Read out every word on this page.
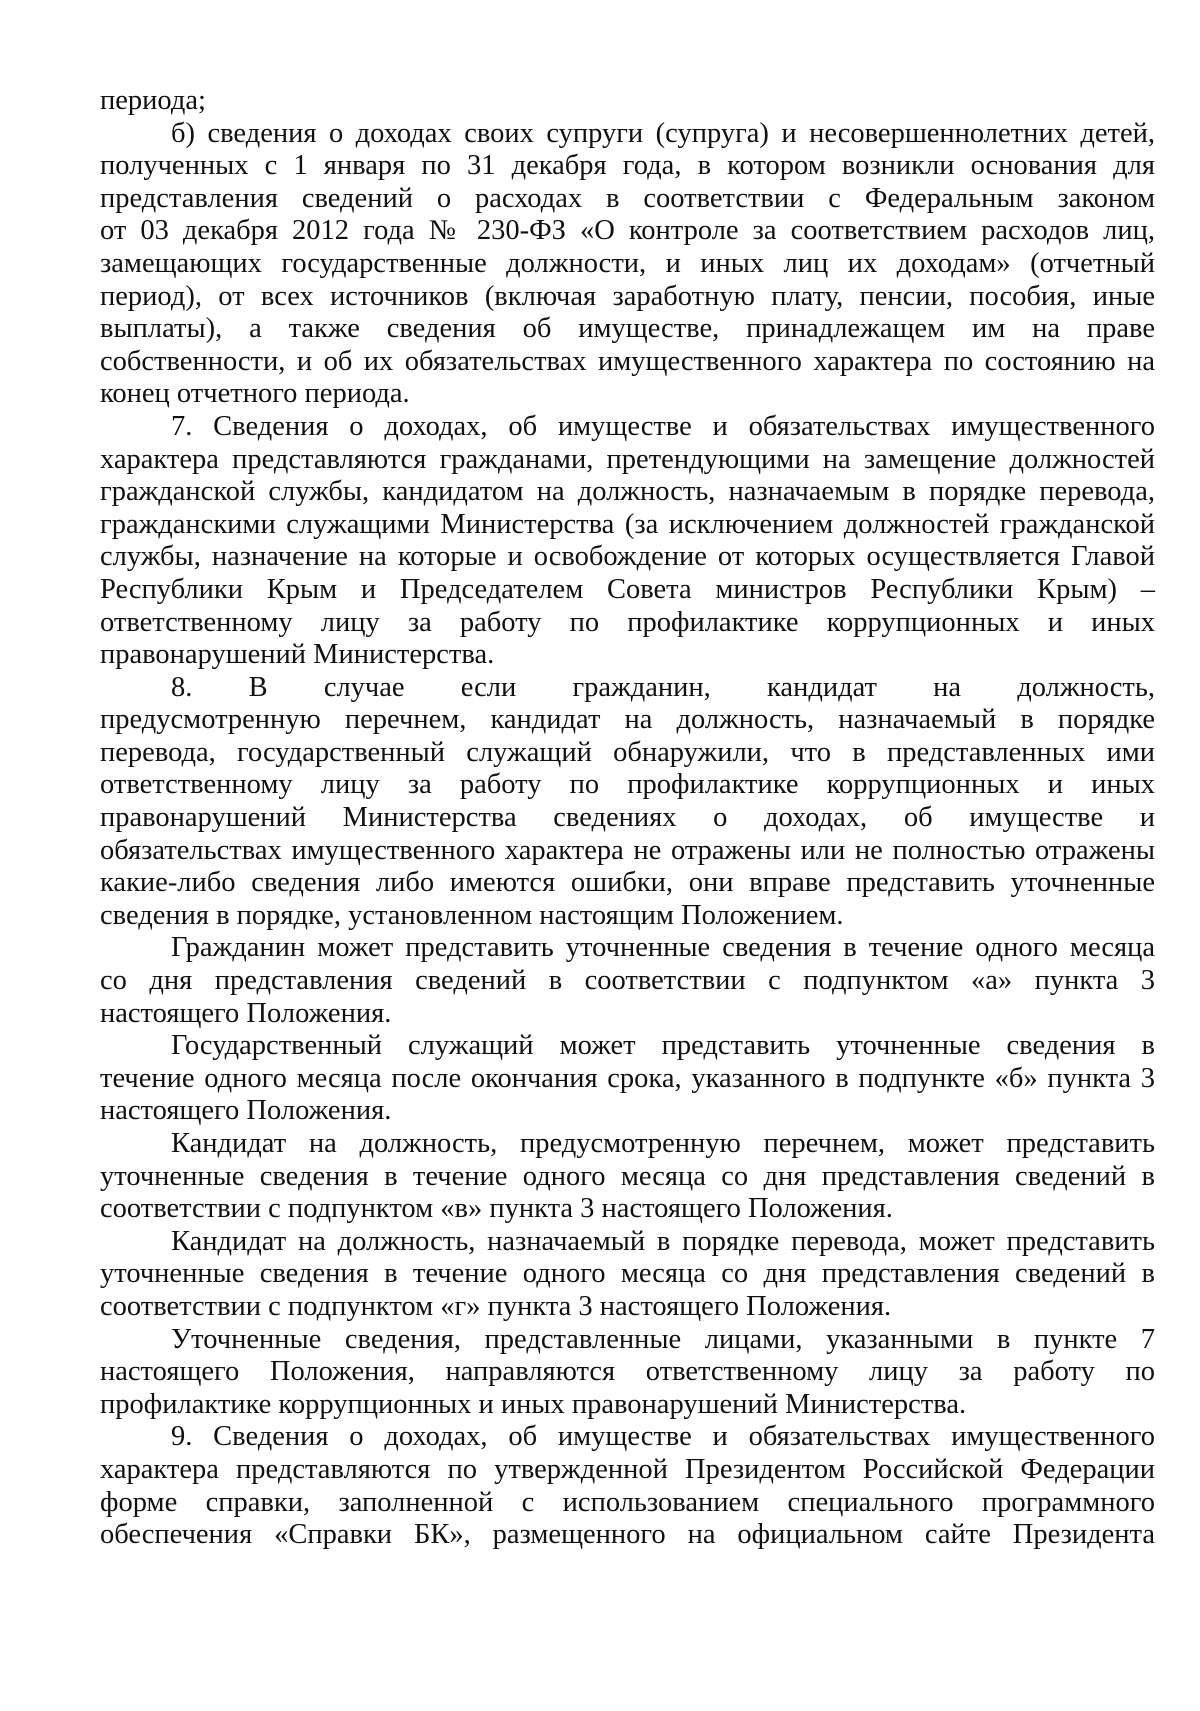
периода;
б) сведения о доходах своих супруги (супруга) и несовершеннолетних детей,
полученных с 1 января по 31 декабря года, в котором возникли основания для
представления сведений о расходах в соответствии с Федеральным законом
от 03 декабря 2012 года № 230-ФЗ «О контроле за соответствием расходов лиц,
замещающих государственные должности, и иных лиц их доходам» (отчетный
период), от всех источников (включая заработную плату, пенсии, пособия, иные
выплаты), а также сведения об имуществе, принадлежащем им на праве
собственности, и об их обязательствах имущественного характера по состоянию на
конец отчетного периода.
7. Сведения о доходах, об имуществе и обязательствах имущественного
характера представляются гражданами, претендующими на замещение должностей
гражданской службы, кандидатом на должность, назначаемым в порядке перевода,
гражданскими служащими Министерства (за исключением должностей гражданской
службы, назначение на которые и освобождение от которых осуществляется Главой
Республики Крым и Председателем Совета министров Республики Крым) –
ответственному лицу за работу по профилактике коррупционных и иных
правонарушений Министерства.
8. В случае если гражданин, кандидат на должность,
предусмотренную перечнем, кандидат на должность, назначаемый в порядке
перевода, государственный служащий обнаружили, что в представленных ими
ответственному лицу за работу по профилактике коррупционных и иных
правонарушений Министерства сведениях о доходах, об имуществе и
обязательствах имущественного характера не отражены или не полностью отражены
какие-либо сведения либо имеются ошибки, они вправе представить уточненные
сведения в порядке, установленном настоящим Положением.
Гражданин может представить уточненные сведения в течение одного месяца
со дня представления сведений в соответствии с подпунктом «а» пункта 3
настоящего Положения.
Государственный служащий может представить уточненные сведения в
течение одного месяца после окончания срока, указанного в подпункте «б» пункта 3
настоящего Положения.
Кандидат на должность, предусмотренную перечнем, может представить
уточненные сведения в течение одного месяца со дня представления сведений в
соответствии с подпунктом «в» пункта 3 настоящего Положения.
Кандидат на должность, назначаемый в порядке перевода, может представить
уточненные сведения в течение одного месяца со дня представления сведений в
соответствии с подпунктом «г» пункта 3 настоящего Положения.
Уточненные сведения, представленные лицами, указанными в пункте 7
настоящего Положения, направляются ответственному лицу за работу по
профилактике коррупционных и иных правонарушений Министерства.
9. Сведения о доходах, об имуществе и обязательствах имущественного
характера представляются по утвержденной Президентом Российской Федерации
форме справки, заполненной с использованием специального программного
обеспечения «Справки БК», размещенного на официальном сайте Президента
